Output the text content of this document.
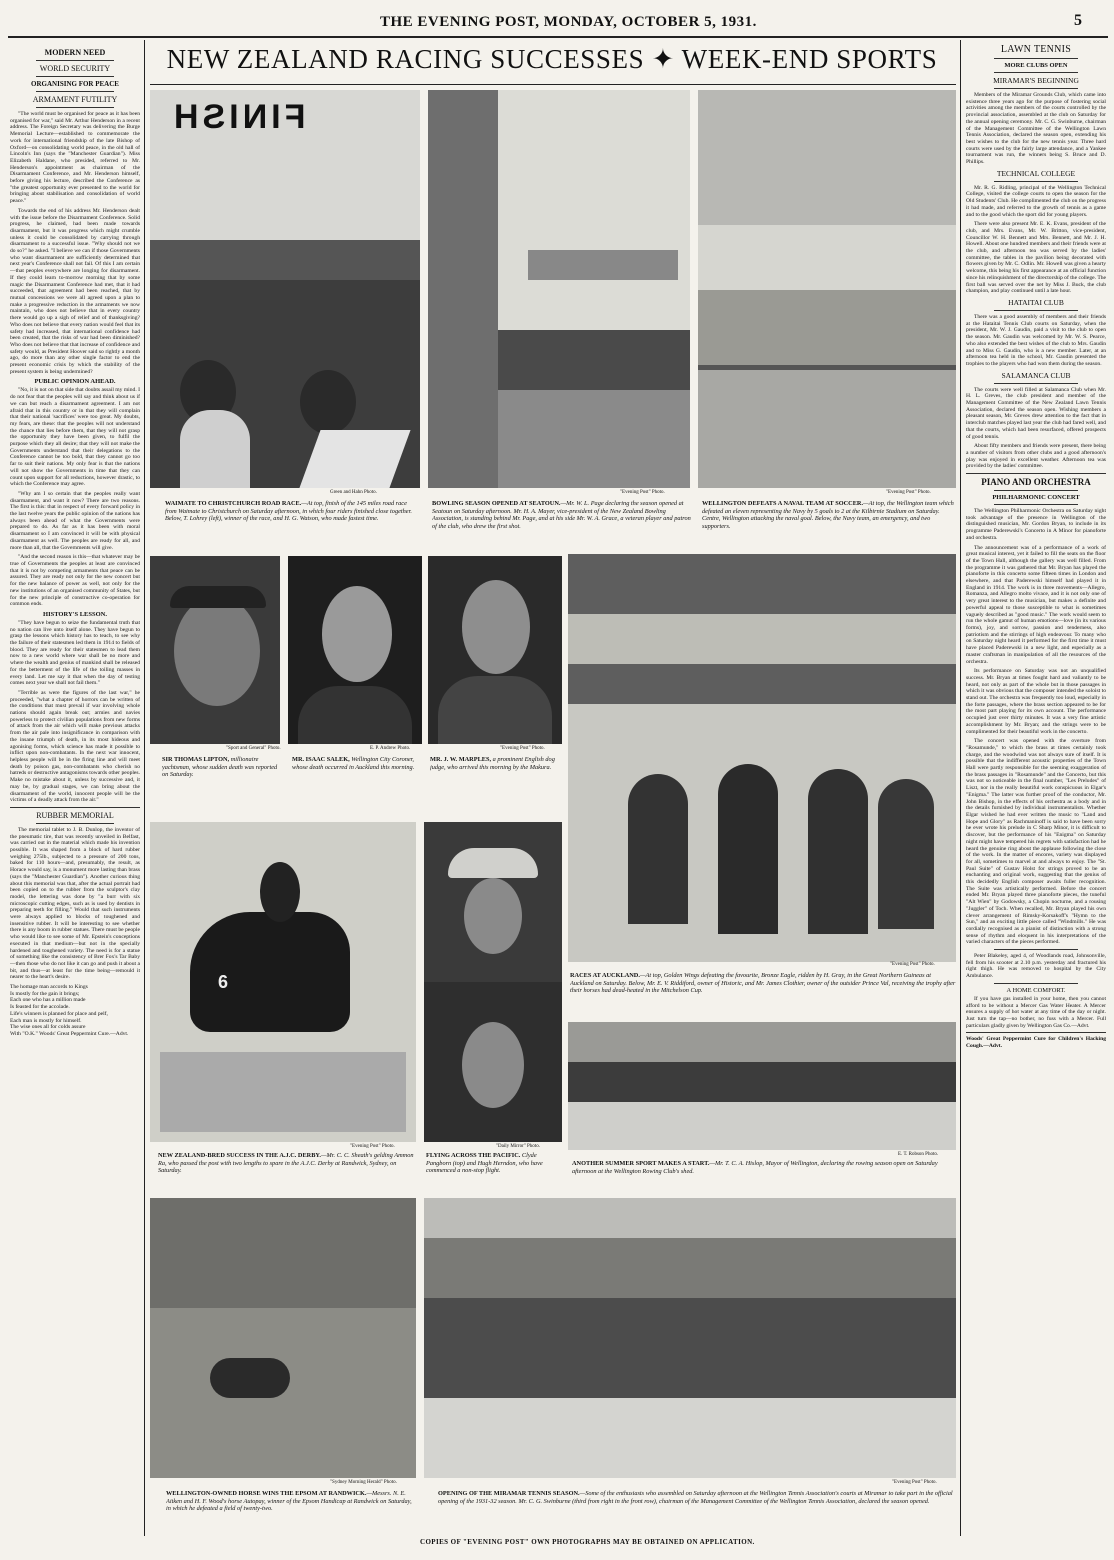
THE EVENING POST, MONDAY, OCTOBER 5, 1931.	5
NEW ZEALAND RACING SUCCESSES ✦ WEEK-END SPORTS
MODERN NEED
WORLD SECURITY
ORGANISING FOR PEACE
ARMAMENT FUTILITY

"The world must be organised for peace as it has been organised for war," said Mr. Arthur Henderson in a recent address. The Foreign Secretary was delivering the Burge Memorial Lecture—established to commemorate the work for international friendship of the late Bishop of Oxford—on consolidating world peace, in the old hall of Lincoln's Inn (says the "Manchester Guardian"). Miss Elizabeth Haldane, who presided, referred to Mr. Henderson's appointment as chairman of the Disarmament Conference, and Mr. Henderson himself, before giving his lecture, described the Conference as "the greatest opportunity ever presented to the world for bringing about stabilisation and consolidation of world peace."

Towards the end of his address Mr. Henderson dealt with the issue before the Disarmament Conference. Solid progress, he claimed, had been made towards disarmament, but it was progress which might crumble unless it could be consolidated by carrying through disarmament to a successful issue. "Why should not we do so?" he asked. "I believe we can if those Governments who want disarmament are sufficiently determined that next year's Conference shall not fail. Of this I am certain—that peoples everywhere are longing for disarmament. If they could learn to-morrow morning that by some magic the Disarmament Conference had met, that it had succeeded, that agreement had been reached, that by mutual concessions we were all agreed upon a plan to make a progressive reduction in the armaments we now maintain, who does not believe that in every country there would go up a sigh of relief and of thanksgiving? Who does not believe that every nation would feel that its safety had increased, that international confidence had been created, that the risks of war had been diminished? Who does not believe that that increase of confidence and safety would, as President Hoover said so rightly a month ago, do more than any other single factor to end the present economic crisis by which the stability of the present system is being undermined?

PUBLIC OPINION AHEAD.

"No, it is not on that side that doubts assail my mind. I do not fear that the peoples will say and think about us if we can but reach a disarmament agreement. I am not afraid that in this country or in that they will complain that their national 'sacrifices' were too great. My doubts, my fears, are these: that the peoples will not understand the chance that lies before them, that they will not grasp the opportunity they have been given, to fulfil the purpose which they all desire; that they will not make the Governments understand that their delegations to the Conference cannot be too bold, that they cannot go too far to suit their nations. My only fear is that the nations will not show the Governments in time that they can count upon support for all reductions, however drastic, to which the Conference may agree.

"Why am I so certain that the peoples really want disarmament, and want it now? There are two reasons. The first is this: that in respect of every forward policy in the last twelve years the public opinion of the nations has always been ahead of what the Governments were prepared to do. As far as it has been with moral disarmament so I am convinced it will be with physical disarmament as well. The peoples are ready for all, and more than all, that the Governments will give.

"And the second reason is this—that whatever may be true of Governments the peoples at least are convinced that it is not by competing armaments that peace can be assured. They are ready not only for the new concert but for the new balance of power as well, not only for the new institutions of an organised community of States, but for the new principle of constructive co-operation for common ends.

HISTORY'S LESSON.

"They have begun to seize the fundamental truth that no nation can live unto itself alone. They have begun to grasp the lessons which history has to teach, to see why the failure of their statesmen led them in 1914 to fields of blood. They are ready for their statesmen to lead them now to a new world where war shall be no more and where the wealth and genius of mankind shall be released for the betterment of the life of the toiling masses in every land. Let me say it that when the day of testing comes next year we shall not fail them."

"Terrible as were the figures of the last war," he proceeded, "what a chapter of horrors can be written of the conditions that must prevail if war involving whole nations should again break out; armies and navies powerless to protect civilian populations from new forms of attack from the air which will make previous attacks from the air pale into insignificance in comparison with the insane triumph of death, in its most hideous and agonising forms, which science has made it possible to inflict upon non-combatants. In the next war innocent, helpless people will be in the firing line and will meet death by poison gas, non-combatants who cherish no hatreds or destructive antagonisms towards other peoples. Make no mistake about it, unless by successive and, it may be, by gradual stages, we can bring about the disarmament of the world, innocent people will be the victims of a deadly attack from the air."

RUBBER MEMORIAL

The memorial tablet to J. B. Dunlop, the inventor of the pneumatic tire, that was recently unveiled in Belfast, was carried out in the material which made his invention possible. It was shaped from a block of hard rubber weighing 275lb., subjected to a pressure of 200 tons, baked for 110 hours—and, presumably, the result, as Horace would say, is a monument more lasting than brass (says the "Manchester Guardian"). Another curious thing about this memorial was that, after the actual portrait had been copied on to the rubber from the sculptor's clay model, the lettering was done by "a burr with six microscopic cutting edges, such as is used by dentists in preparing teeth for filling." Would that such instruments were always applied to blocks of toughened and insensitive rubber. It will be interesting to see whether there is any boom in rubber statues. There must be people who would like to see some of Mr. Epstein's conceptions executed in that medium—but not in the specially hardened and toughened variety. The need is for a statue of something like the consistency of Brer Fox's Tar Baby—then those who do not like it can go and push it about a bit, and thus—at least for the time being—remould it nearer to the heart's desire.

The homage man accords to Kings
Is mostly for the gain it brings;
Each one who has a million made
Is feasted for the accolade.
Life's winners is planned for place and pelf,
Each man is mostly for himself.
The wise ones all for colds assure
With "O.K." Woods' Great Peppermint Cure.—Advt.

LAWN TENNIS
MORE CLUBS OPEN
MIRAMAR'S BEGINNING

Members of the Miramar Grounds Club, which came into existence three years ago for the purpose of fostering social activities among the members of the courts controlled by the provincial association, assembled at the club on Saturday for the annual opening ceremony. Mr. C. G. Swinburne, chairman of the Management Committee of the Wellington Lawn Tennis Association, declared the season open, extending his best wishes to the club for the new tennis year. Three hard courts were used by the fairly large attendance, and a Yankee tournament was run, the winners being S. Bruce and D. Phillips.

TECHNICAL COLLEGE

Mr. R. G. Ridling, principal of the Wellington Technical College, visited the college courts to open the season for the Old Students' Club. He complimented the club on the progress it had made, and referred to the growth of tennis as a game and to the good which the sport did for young players.

There were also present Mr. E. K. Evans, president of the club, and Mrs. Evans, Mr. W. Britton, vice-president, Councillor W. H. Bennett and Mrs. Bennett, and Mr. J. H. Howell. About one hundred members and their friends were at the club, and afternoon tea was served by the ladies' committee, the tables in the pavilion being decorated with flowers given by Mr. C. Odlin. Mr. Howell was given a hearty welcome, this being his first appearance at an official function since his relinquishment of the directorship of the college. The first ball was served over the net by Miss J. Buck, the club champion, and play continued until a late hour.

HATAITAI CLUB

There was a good assembly of members and their friends at the Hataitai Tennis Club courts on Saturday, when the president, Mr. W. J. Gaudin, paid a visit to the club to open the season. Mr. Gaudin was welcomed by Mr. W. S. Pearce, who also extended the best wishes of the club to Mrs. Gaudin and to Miss G. Gaudin, who is a new member. Later, at an afternoon tea held in the school, Mr. Gaudin presented the trophies to the players who had won them during the season.

SALAMANCA CLUB

The courts were well filled at Salamanca Club when Mr. H. L. Greves, the club president and member of the Management Committee of the New Zealand Lawn Tennis Association, declared the season open. Wishing members a pleasant season, Mr. Greves drew attention to the fact that in interclub matches played last year the club had fared well, and that the courts, which had been resurfaced, offered prospects of good tennis.

About fifty members and friends were present, there being a number of visitors from other clubs and a good afternoon's play was enjoyed in excellent weather. Afternoon tea was provided by the ladies' committee.

PIANO AND ORCHESTRA
PHILHARMONIC CONCERT

The Wellington Philharmonic Orchestra on Saturday night took advantage of the presence in Wellington of the distinguished musician, Mr. Gordon Bryan, to include in its programme Paderewski's Concerto in A Minor for pianoforte and orchestra.

The announcement was of a performance of a work of great musical interest, yet it failed to fill the seats on the floor of the Town Hall, although the gallery was well filled. From the programme it was gathered that Mr. Bryan has played the pianoforte in this concerto some fifteen times in London and elsewhere, and that Paderewski himself had played it in England in 1914. The work is in three movements—Allegro, Romanza, and Allegro molto vivace, and it is not only one of very great interest to the musician, but makes a definite and powerful appeal to those susceptible to what is sometimes vaguely described as "good music." The work would seem to run the whole gamut of human emotions—love (in its various forms), joy, and sorrow, passion and tenderness, also patriotism and the stirrings of high endeavour. To many who on Saturday night heard it performed for the first time it must have placed Paderewski in a new light, and especially as a master craftsman in manipulation of all the resources of the orchestra.

Its performance on Saturday was not an unqualified success. Mr. Bryan at times fought hard and valiantly to be heard, not only as part of the whole but in those passages in which it was obvious that the composer intended the soloist to stand out. The orchestra was frequently too loud, especially in the forte passages, where the brass section appeared to be for the most part playing for its own account. The performance occupied just over thirty minutes. It was a very fine artistic accomplishment by Mr. Bryan; and the strings were to be complimented for their beautiful work in the concerto.

The concert was opened with the overture from "Rosamunde," to which the brass at times certainly took charge, and the woodwind was not always sure of itself. It is possible that the indifferent acoustic properties of the Town Hall were partly responsible for the seeming exaggeration of the brass passages in "Rosamunde" and the Concerto, but this was not so noticeable in the final number, "Les Preludes" of Liszt, nor in the really beautiful work conspicuous in Elgar's "Enigma." The latter was further proof of the conductor, Mr. John Bishop, in the effects of his orchestra as a body and in the details furnished by individual instrumentalists. Whether Elgar wished he had ever written the music to "Land and Hope and Glory" as Rachmaninoff is said to have been sorry he ever wrote his prelude in C Sharp Minor, it is difficult to discover, but the performance of his "Enigma" on Saturday night might have tempered his regrets with satisfaction had he heard the genuine ring about the applause following the close of the work. In the matter of encores, variety was displayed for all, sometimes to marvel at and always to enjoy. The "St. Paul Suite" of Gustav Holst for strings proved to be an enchanting and original work, suggesting that the genius of this decidedly English composer awaits fuller recognition. The Suite was artistically performed. Before the concert ended Mr. Bryan played three pianoforte pieces, the tuneful "Alt Wien" by Godowsky, a Chopin nocturne, and a rousing "Juggler" of Toch. When recalled, Mr. Bryan played his own clever arrangement of Rimsky-Korsakoff's "Hymn to the Sun," and an exciting little piece called "Windmills." He was cordially recognised as a pianist of distinction with a strong sense of rhythm and eloquent in his interpretations of the varied characters of the pieces performed.

Peter Blakeley, aged 4, of Woodlands road, Johnsonville, fell from his scooter at 2.10 p.m. yesterday and fractured his right thigh. He was removed to hospital by the City Ambulance.

A HOME COMFORT.

If you have gas installed in your home, then you cannot afford to be without a Mercer Gas Water Heater. A Mercer ensures a supply of hot water at any time of the day or night. Just turn the tap—no bother, no fuss with a Mercer. Full particulars gladly given by Wellington Gas Co.—Advt.

Woods' Great Peppermint Cure for Children's Hacking Cough.—Advt.

FINISH
Green and Hahn Photo.
WAIMATE TO CHRISTCHURCH ROAD RACE.—At top, finish of the 145 miles road race from Waimate to Christchurch on Saturday afternoon, in which four riders finished close together. Below, T. Lohrey (left), winner of the race, and H. G. Watson, who made fastest time.
"Evening Post" Photo.
BOWLING SEASON OPENED AT SEATOUN.—Mr. W. L. Page declaring the season opened at Seatoun on Saturday afternoon. Mr. H. A. Mayer, vice-president of the New Zealand Bowling Association, is standing behind Mr. Page, and at his side Mr. W. A. Grace, a veteran player and patron of the club, who drew the first shot.
"Evening Post" Photo.
WELLINGTON DEFEATS A NAVAL TEAM AT SOCCER.—At top, the Wellington team which defeated an eleven representing the Navy by 5 goals to 2 at the Kilbirnie Stadium on Saturday. Centre, Wellington attacking the naval goal. Below, the Navy team, an emergency, and two supporters.
"Sport and General" Photo.
SIR THOMAS LIPTON, millionaire yachtsman, whose sudden death was reported on Saturday.
E. P. Andrew Photo.
MR. ISAAC SALEK, Wellington City Coroner, whose death occurred in Auckland this morning.
"Evening Post" Photo.
MR. J. W. MARPLES, a prominent English dog judge, who arrived this morning by the Makura.
"Evening Post" Photo.
RACES AT AUCKLAND.—At top, Golden Wings defeating the favourite, Bronze Eagle, ridden by H. Gray, in the Great Northern Guineas at Auckland on Saturday. Below, Mr. E. V. Riddiford, owner of Historic, and Mr. James Clothier, owner of the outsider Prince Val, receiving the trophy after their horses had dead-heated in the Mitchelson Cup.
6
"Evening Post" Photo.
NEW ZEALAND-BRED SUCCESS IN THE A.J.C. DERBY.—Mr. C. C. Sheath's gelding Ammon Ra, who passed the post with two lengths to spare in the A.J.C. Derby at Randwick, Sydney, on Saturday.
"Daily Mirror" Photo.
FLYING ACROSS THE PACIFIC. Clyde Pangborn (top) and Hugh Herndon, who have commenced a non-stop flight.
E. T. Robson Photo.
ANOTHER SUMMER SPORT MAKES A START.—Mr. T. C. A. Hislop, Mayor of Wellington, declaring the rowing season open on Saturday afternoon at the Wellington Rowing Club's shed.
"Sydney Morning Herald" Photo.
WELLINGTON-OWNED HORSE WINS THE EPSOM AT RANDWICK.—Messrs. N. E. Aitken and H. F. Wood's horse Autopay, winner of the Epsom Handicap at Randwick on Saturday, in which he defeated a field of twenty-two.
"Evening Post" Photo.
OPENING OF THE MIRAMAR TENNIS SEASON.—Some of the enthusiasts who assembled on Saturday afternoon at the Wellington Tennis Association's courts at Miramar to take part in the official opening of the 1931-32 season. Mr. C. G. Swinburne (third from right in the front row), chairman of the Management Committee of the Wellington Tennis Association, declared the season opened.
COPIES OF "EVENING POST" OWN PHOTOGRAPHS MAY BE OBTAINED ON APPLICATION.
